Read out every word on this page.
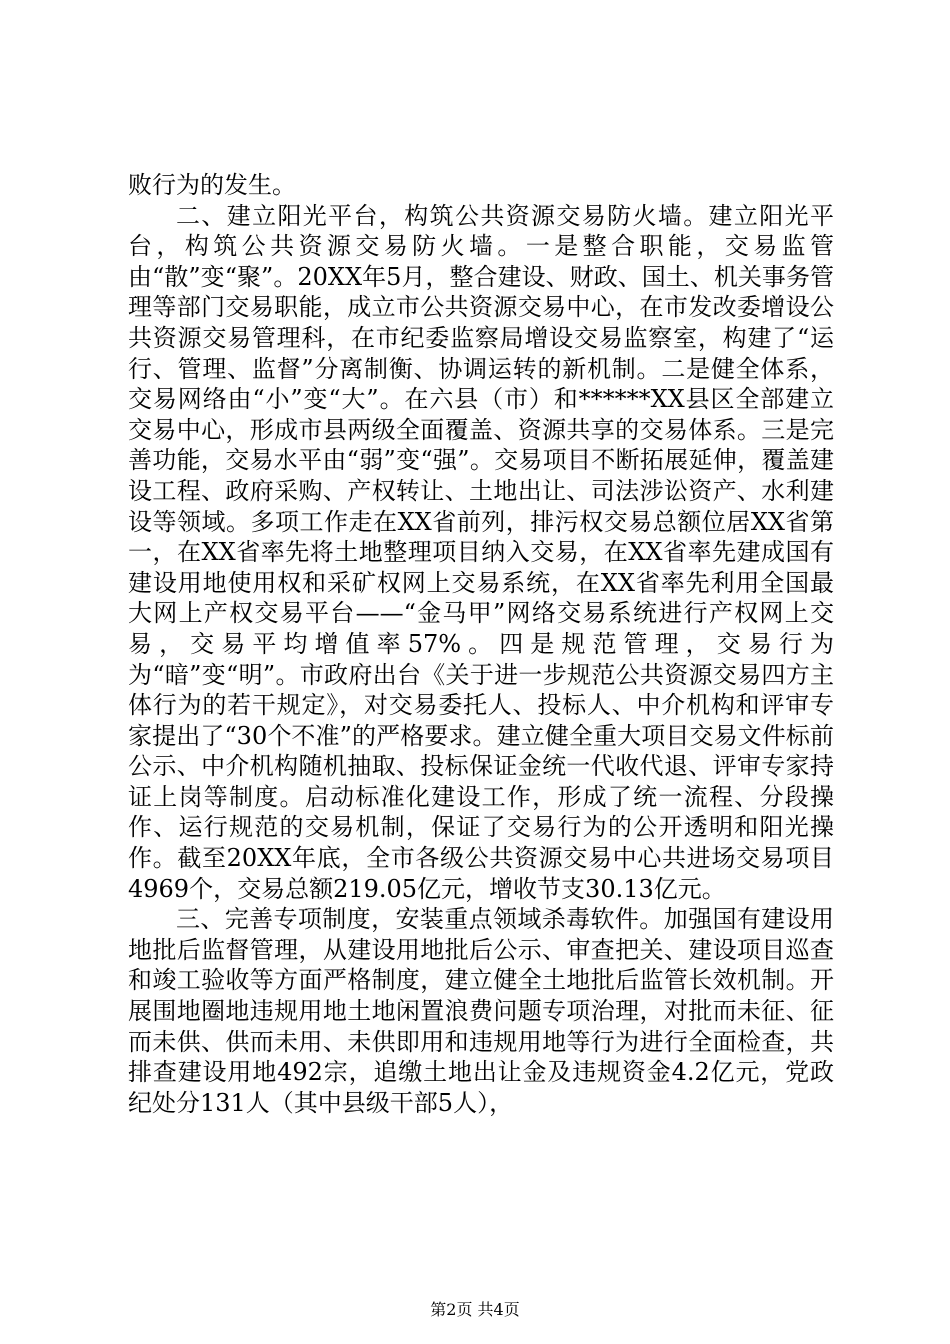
败行为的发生。

二、建立阳光平台，构筑公共资源交易防火墙。建立阳光平台，构筑公共资源交易防火墙。一是整合职能，交易监管由“散”变“聚”。20XX年5月，整合建设、财政、国土、机关事务管理等部门交易职能，成立市公共资源交易中心，在市发改委增设公共资源交易管理科，在市纪委监察局增设交易监察室，构建了“运行、管理、监督”分离制衡、协调运转的新机制。二是健全体系，交易网络由“小”变“大”。在六县（市）和******XX县区全部建立交易中心，形成市县两级全面覆盖、资源共享的交易体系。三是完善功能，交易水平由“弱”变“强”。交易项目不断拓展延伸，覆盖建设工程、政府采购、产权转让、土地出让、司法涉讼资产、水利建设等领域。多项工作走在XX省前列，排污权交易总额位居XX省第一，在XX省率先将土地整理项目纳入交易，在XX省率先建成国有建设用地使用权和采矿权网上交易系统，在XX省率先利用全国最大网上产权交易平台——“金马甲”网络交易系统进行产权网上交易，交易平均增值率57%。四是规范管理，交易行为为“暗”变“明”。市政府出台《关于进一步规范公共资源交易四方主体行为的若干规定》，对交易委托人、投标人、中介机构和评审专家提出了“30个不准”的严格要求。建立健全重大项目交易文件标前公示、中介机构随机抽取、投标保证金统一代收代退、评审专家持证上岗等制度。启动标准化建设工作，形成了统一流程、分段操作、运行规范的交易机制，保证了交易行为的公开透明和阳光操作。截至20XX年底，全市各级公共资源交易中心共进场交易项目4969个，交易总额219.05亿元，增收节支30.13亿元。

三、完善专项制度，安装重点领域杀毒软件。加强国有建设用地批后监督管理，从建设用地批后公示、审查把关、建设项目巡查和竣工验收等方面严格制度，建立健全土地批后监管长效机制。开展围地圈地违规用地土地闲置浪费问题专项治理，对批而未征、征而未供、供而未用、未供即用和违规用地等行为进行全面检查，共排查建设用地492宗，追缴土地出让金及违规资金4.2亿元，党政纪处分131人（其中县级干部5人），

第2页 共4页
